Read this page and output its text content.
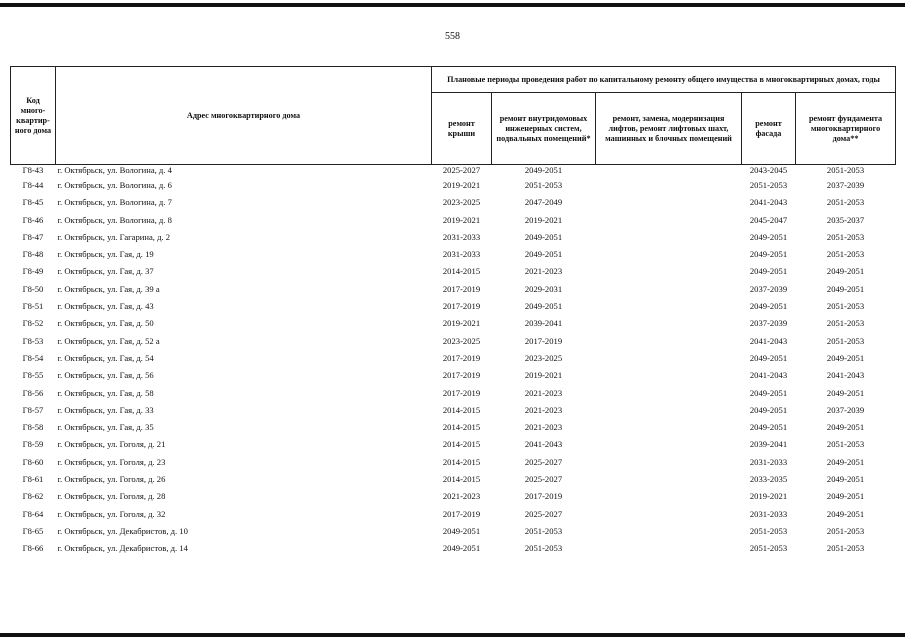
558
Код много-квартир-ного дома	Адрес многоквартирного дома	Плановые периоды проведения работ по капитальному ремонту общего имущества в многоквартирных домах, годы				
		ремонт крыши	ремонт внутридомовых инженерных систем, подвальных помещений*	ремонт, замена, модернизация лифтов, ремонт лифтовых шахт, машинных и блочных помещений	ремонт фасада	ремонт фундамента многоквартирного дома**
Г8-43	г. Октябрьск, ул. Вологина, д. 4	2025-2027	2049-2051		2043-2045	2051-2053
Г8-44	г. Октябрьск, ул. Вологина, д. 6	2019-2021	2051-2053		2051-2053	2037-2039
Г8-45	г. Октябрьск, ул. Вологина, д. 7	2023-2025	2047-2049		2041-2043	2051-2053
Г8-46	г. Октябрьск, ул. Вологина, д. 8	2019-2021	2019-2021		2045-2047	2035-2037
Г8-47	г. Октябрьск, ул. Гагарина, д. 2	2031-2033	2049-2051		2049-2051	2051-2053
Г8-48	г. Октябрьск, ул. Гая, д. 19	2031-2033	2049-2051		2049-2051	2051-2053
Г8-49	г. Октябрьск, ул. Гая, д. 37	2014-2015	2021-2023		2049-2051	2049-2051
Г8-50	г. Октябрьск, ул. Гая, д. 39 а	2017-2019	2029-2031		2037-2039	2049-2051
Г8-51	г. Октябрьск, ул. Гая, д. 43	2017-2019	2049-2051		2049-2051	2051-2053
Г8-52	г. Октябрьск, ул. Гая, д. 50	2019-2021	2039-2041		2037-2039	2051-2053
Г8-53	г. Октябрьск, ул. Гая, д. 52 а	2023-2025	2017-2019		2041-2043	2051-2053
Г8-54	г. Октябрьск, ул. Гая, д. 54	2017-2019	2023-2025		2049-2051	2049-2051
Г8-55	г. Октябрьск, ул. Гая, д. 56	2017-2019	2019-2021		2041-2043	2041-2043
Г8-56	г. Октябрьск, ул. Гая, д. 58	2017-2019	2021-2023		2049-2051	2049-2051
Г8-57	г. Октябрьск, ул. Гая, д. 33	2014-2015	2021-2023		2049-2051	2037-2039
Г8-58	г. Октябрьск, ул. Гая, д. 35	2014-2015	2021-2023		2049-2051	2049-2051
Г8-59	г. Октябрьск, ул. Гоголя, д. 21	2014-2015	2041-2043		2039-2041	2051-2053
Г8-60	г. Октябрьск, ул. Гоголя, д. 23	2014-2015	2025-2027		2031-2033	2049-2051
Г8-61	г. Октябрьск, ул. Гоголя, д. 26	2014-2015	2025-2027		2033-2035	2049-2051
Г8-62	г. Октябрьск, ул. Гоголя, д. 28	2021-2023	2017-2019		2019-2021	2049-2051
Г8-64	г. Октябрьск, ул. Гоголя, д. 32	2017-2019	2025-2027		2031-2033	2049-2051
Г8-65	г. Октябрьск, ул. Декабристов, д. 10	2049-2051	2051-2053		2051-2053	2051-2053
Г8-66	г. Октябрьск, ул. Декабристов, д. 14	2049-2051	2051-2053		2051-2053	2051-2053
